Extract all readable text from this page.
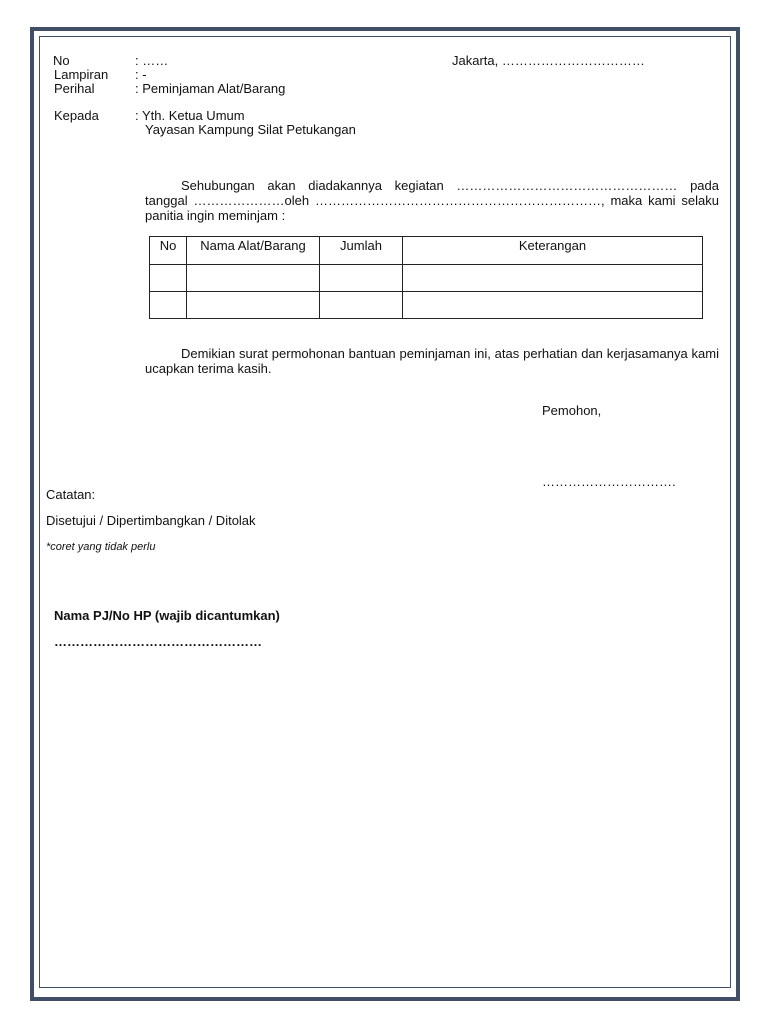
No	: ……	Jakarta, ……………………………
Lampiran : -
Perihal	: Peminjaman Alat/Barang
Kepada	: Yth. Ketua Umum
Yayasan Kampung Silat Petukangan
Sehubungan akan diadakannya kegiatan …………………………………………… pada tanggal …………………oleh …………………………………………………………, maka kami selaku panitia ingin meminjam :
No	Nama Alat/Barang	Jumlah	Keterangan

Demikian surat permohonan bantuan peminjaman ini, atas perhatian dan kerjasamanya kami ucapkan terima kasih.
Pemohon,
………………………….
Catatan:
Disetujui / Dipertimbangkan / Ditolak
*coret yang tidak perlu
Nama PJ/No HP (wajib dicantumkan)
…………………………………………
